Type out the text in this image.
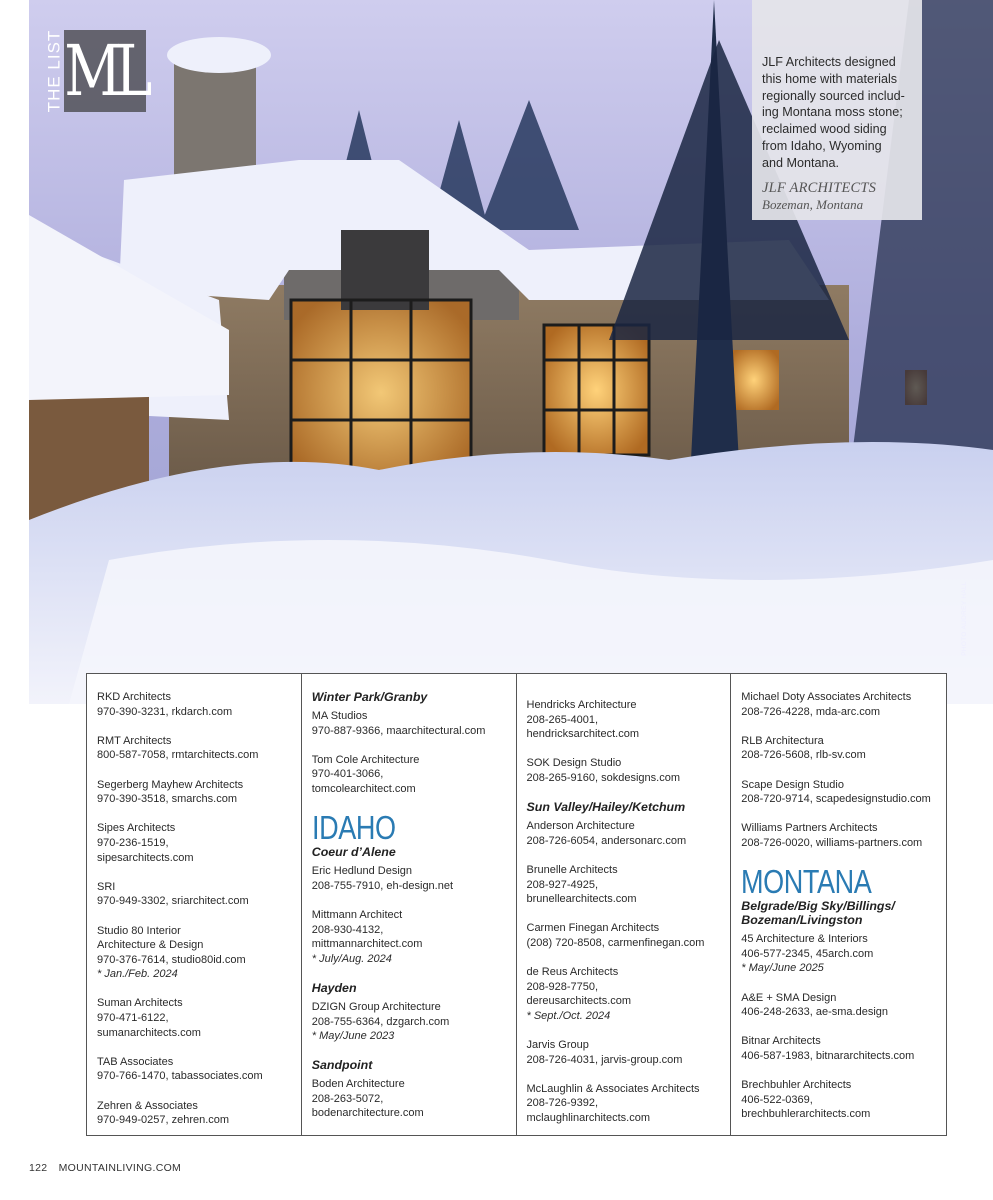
PHOTO AUDREY HALL
THE LIST ML	JLF Architects designed
this home with materials
regionally sourced includ-
ing Montana moss stone;
reclaimed wood siding
from Idaho, Wyoming
and Montana.
JLF ARCHITECTS
Bozeman, Montana
RKD Architects
970-390-3231, rkdarch.com
RMT Architects
800-587-7058, rmtarchitects.com
Segerberg Mayhew Architects
970-390-3518, smarchs.com
Sipes Architects
970-236-1519,
sipesarchitects.com
SRI
970-949-3302, sriarchitect.com
Studio 80 Interior
Architecture & Design
970-376-7614, studio80id.com
* Jan./Feb. 2024
Suman Architects
970-471-6122,
sumanarchitects.com
TAB Associates
970-766-1470, tabassociates.com
Zehren & Associates
970-949-0257, zehren.com
Winter Park/Granby
MA Studios
970-887-9366, maarchitectural.com
Tom Cole Architecture
970-401-3066,
tomcolearchitect.com
IDAHO
Coeur d’Alene
Eric Hedlund Design
208-755-7910, eh-design.net
Mittmann Architect
208-930-4132,
mittmannarchitect.com
* July/Aug. 2024
Hayden
DZIGN Group Architecture
208-755-6364, dzgarch.com
* May/June 2023
Sandpoint
Boden Architecture
208-263-5072,
bodenarchitecture.com
Hendricks Architecture
208-265-4001,
hendricksarchitect.com
SOK Design Studio
208-265-9160, sokdesigns.com
Sun Valley/Hailey/Ketchum
Anderson Architecture
208-726-6054, andersonarc.com
Brunelle Architects
208-927-4925,
brunellearchitects.com
Carmen Finegan Architects
(208) 720-8508, carmenfinegan.com
de Reus Architects
208-928-7750,
dereusarchitects.com
* Sept./Oct. 2024
Jarvis Group
208-726-4031, jarvis-group.com
McLaughlin & Associates Architects
208-726-9392,
mclaughlinarchitects.com
Michael Doty Associates Architects
208-726-4228, mda-arc.com
RLB Architectura
208-726-5608, rlb-sv.com
Scape Design Studio
208-720-9714, scapedesignstudio.com
Williams Partners Architects
208-726-0020, williams-partners.com
MONTANA
Belgrade/Big Sky/Billings/
Bozeman/Livingston
45 Architecture & Interiors
406-577-2345, 45arch.com
* May/June 2025
A&E + SMA Design
406-248-2633, ae-sma.design
Bitnar Architects
406-587-1983, bitnararchitects.com
Brechbuhler Architects
406-522-0369,
brechbuhlerarchitects.com
122 MOUNTAINLIVING.COM
